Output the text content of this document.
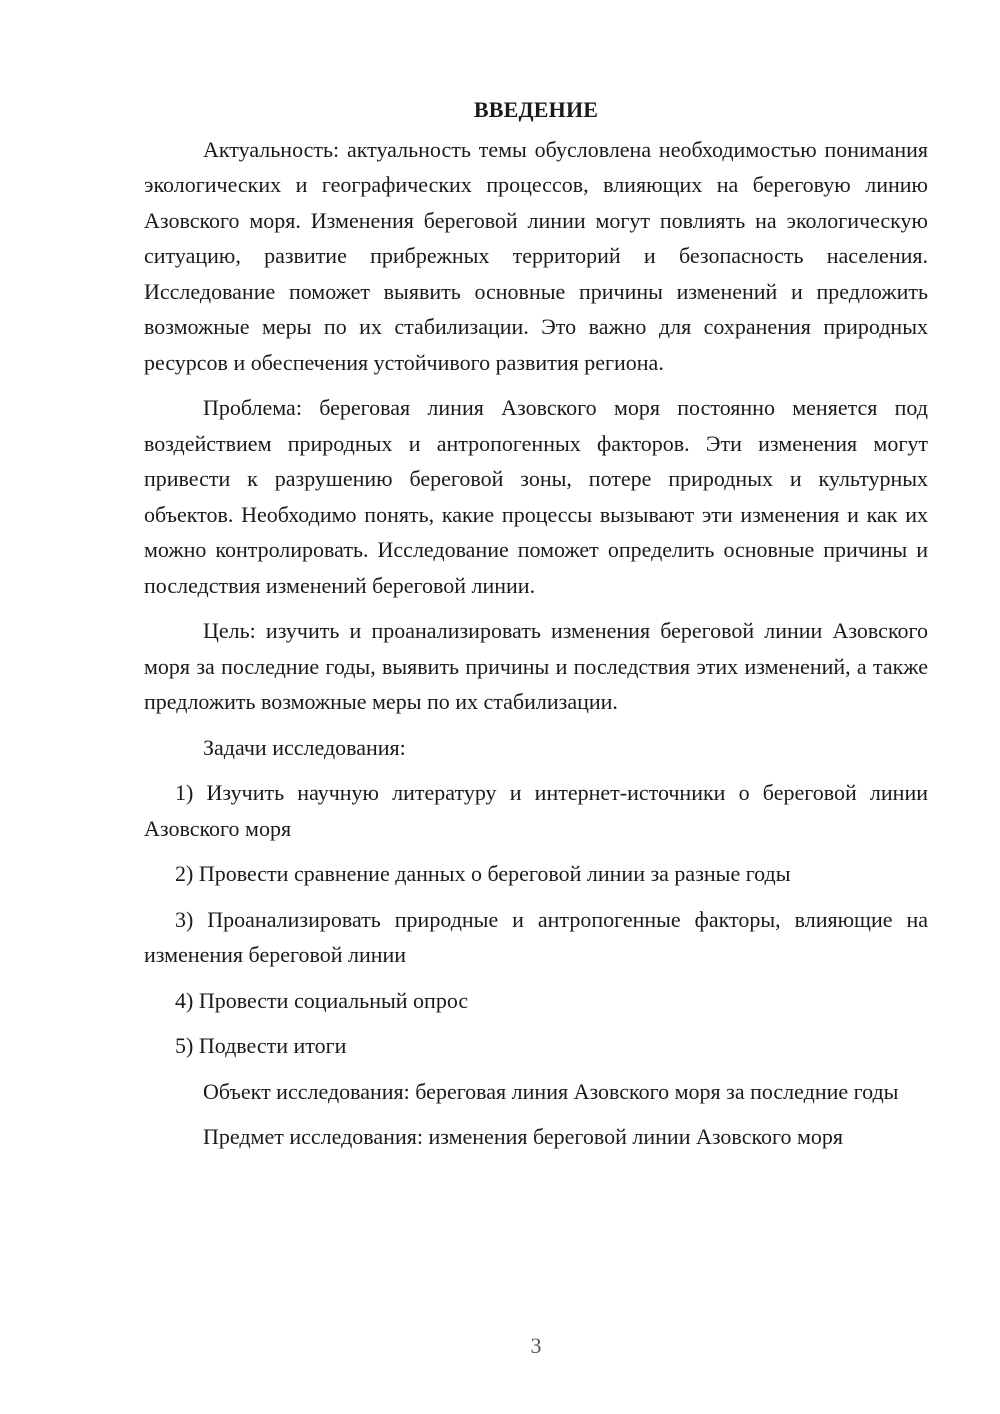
ВВЕДЕНИЕ

Актуальность: актуальность темы обусловлена необходимостью понимания экологических и географических процессов, влияющих на береговую линию Азовского моря. Изменения береговой линии могут повлиять на экологическую ситуацию, развитие прибрежных территорий и безопасность населения. Исследование поможет выявить основные причины изменений и предложить возможные меры по их стабилизации. Это важно для сохранения природных ресурсов и обеспечения устойчивого развития региона.

Проблема: береговая линия Азовского моря постоянно меняется под воздействием природных и антропогенных факторов. Эти изменения могут привести к разрушению береговой зоны, потере природных и культурных объектов. Необходимо понять, какие процессы вызывают эти изменения и как их можно контролировать. Исследование поможет определить основные причины и последствия изменений береговой линии.

Цель: изучить и проанализировать изменения береговой линии Азовского моря за последние годы, выявить причины и последствия этих изменений, а также предложить возможные меры по их стабилизации.

Задачи исследования:

1) Изучить научную литературу и интернет-источники о береговой линии Азовского моря

2) Провести сравнение данных о береговой линии за разные годы

3) Проанализировать природные и антропогенные факторы, влияющие на изменения береговой линии

4) Провести социальный опрос

5) Подвести итоги

Объект исследования: береговая линия Азовского моря за последние годы

Предмет исследования: изменения береговой линии Азовского моря

3
